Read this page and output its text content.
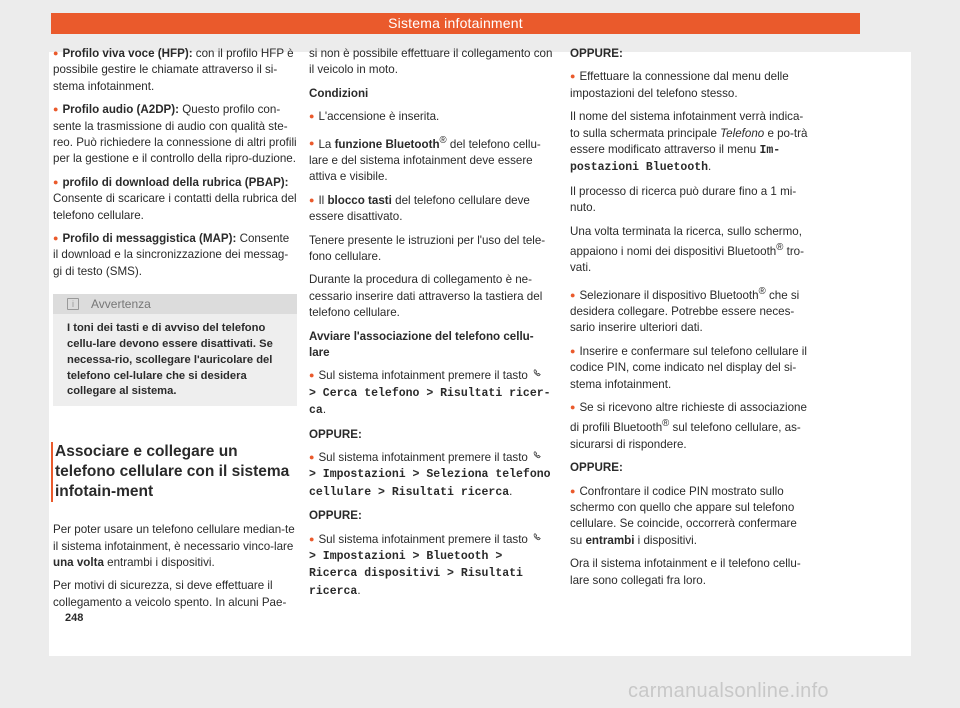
Sistema infotainment

● Profilo viva voce (HFP): con il profilo HFP è possibile gestire le chiamate attraverso il si-stema infotainment.

● Profilo audio (A2DP): Questo profilo con-sente la trasmissione di audio con qualità ste-reo. Può richiedere la connessione di altri profili per la gestione e il controllo della ripro-duzione.

● profilo di download della rubrica (PBAP): Consente di scaricare i contatti della rubrica del telefono cellulare.

● Profilo di messaggistica (MAP): Consente il download e la sincronizzazione dei messag-gi di testo (SMS).

i Avvertenza
I toni dei tasti e di avviso del telefono cellu-lare devono essere disattivati. Se necessa-rio, scollegare l'auricolare del telefono cel-lulare che si desidera collegare al sistema.
Associare e collegare un telefono cellulare con il sistema infotain-ment

Per poter usare un telefono cellulare median-te il sistema infotainment, è necessario vinco-lare una volta entrambi i dispositivi.

Per motivi di sicurezza, si deve effettuare il collegamento a veicolo spento. In alcuni Pae-

si non è possibile effettuare il collegamento con il veicolo in moto.

Condizioni

● L'accensione è inserita.

● La funzione Bluetooth® del telefono cellu-lare e del sistema infotainment deve essere attiva e visibile.

● Il blocco tasti del telefono cellulare deve essere disattivato.

Tenere presente le istruzioni per l'uso del tele-fono cellulare.

Durante la procedura di collegamento è ne-cessario inserire dati attraverso la tastiera del telefono cellulare.

Avviare l'associazione del telefono cellu-lare

● Sul sistema infotainment premere il tasto
> Cerca telefono > Risultati ricer-ca.

OPPURE:

● Sul sistema infotainment premere il tasto
> Impostazioni > Seleziona telefono cellulare > Risultati ricerca.

OPPURE:

● Sul sistema infotainment premere il tasto
> Impostazioni > Bluetooth > Ricerca dispositivi > Risultati ricerca.

OPPURE:

● Effettuare la connessione dal menu delle impostazioni del telefono stesso.

Il nome del sistema infotainment verrà indica-to sulla schermata principale Telefono e po-trà essere modificato attraverso il menu Im-postazioni Bluetooth.

Il processo di ricerca può durare fino a 1 mi-nuto.

Una volta terminata la ricerca, sullo schermo, appaiono i nomi dei dispositivi Bluetooth® tro-vati.

● Selezionare il dispositivo Bluetooth® che si desidera collegare. Potrebbe essere neces-sario inserire ulteriori dati.

● Inserire e confermare sul telefono cellulare il codice PIN, come indicato nel display del si-stema infotainment.

● Se si ricevono altre richieste di associazione di profili Bluetooth® sul telefono cellulare, as-sicurarsi di rispondere.

OPPURE:

● Confrontare il codice PIN mostrato sullo schermo con quello che appare sul telefono cellulare. Se coincide, occorrerà confermare su entrambi i dispositivi.

Ora il sistema infotainment e il telefono cellu-lare sono collegati fra loro.

248
carmanualsonline.info
